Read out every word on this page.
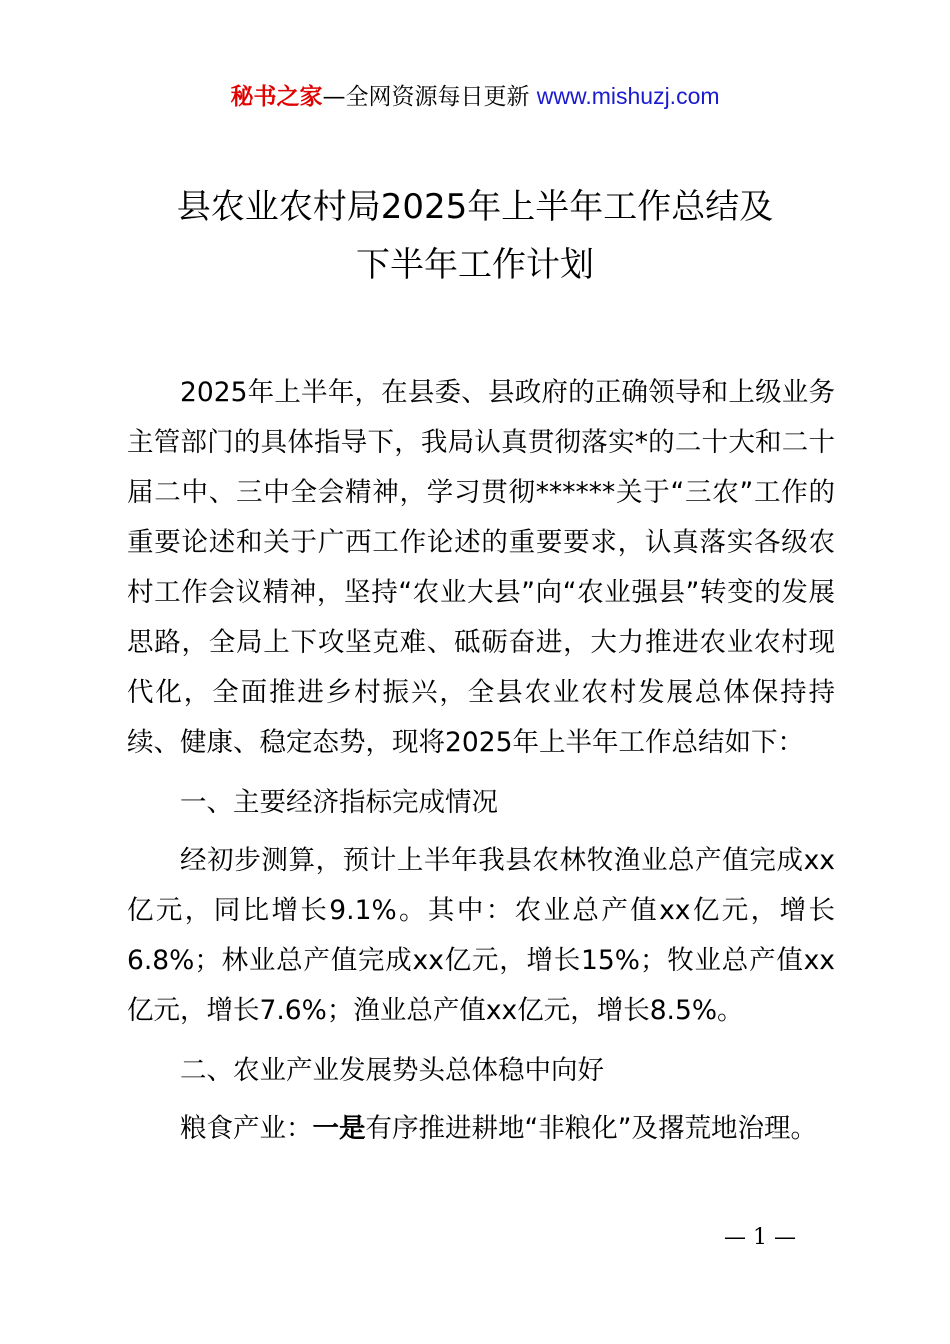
秘书之家—全网资源每日更新 www.mishuzj.com
县农业农村局2025年上半年工作总结及
下半年工作计划

2025年上半年，在县委、县政府的正确领导和上级业务主管部门的具体指导下，我局认真贯彻落实*的二十大和二十届二中、三中全会精神，学习贯彻******关于“三农”工作的重要论述和关于广西工作论述的重要要求，认真落实各级农村工作会议精神，坚持“农业大县”向“农业强县”转变的发展思路，全局上下攻坚克难、砥砺奋进，大力推进农业农村现代化，全面推进乡村振兴，全县农业农村发展总体保持持续、健康、稳定态势，现将2025年上半年工作总结如下：

一、主要经济指标完成情况

经初步测算，预计上半年我县农林牧渔业总产值完成xx亿元，同比增长9.1%。其中：农业总产值xx亿元，增长6.8%；林业总产值完成xx亿元，增长15%；牧业总产值xx亿元，增长7.6%；渔业总产值xx亿元，增长8.5%。

二、农业产业发展势头总体稳中向好

粮食产业：一是有序推进耕地“非粮化”及撂荒地治理。

— 1 —
